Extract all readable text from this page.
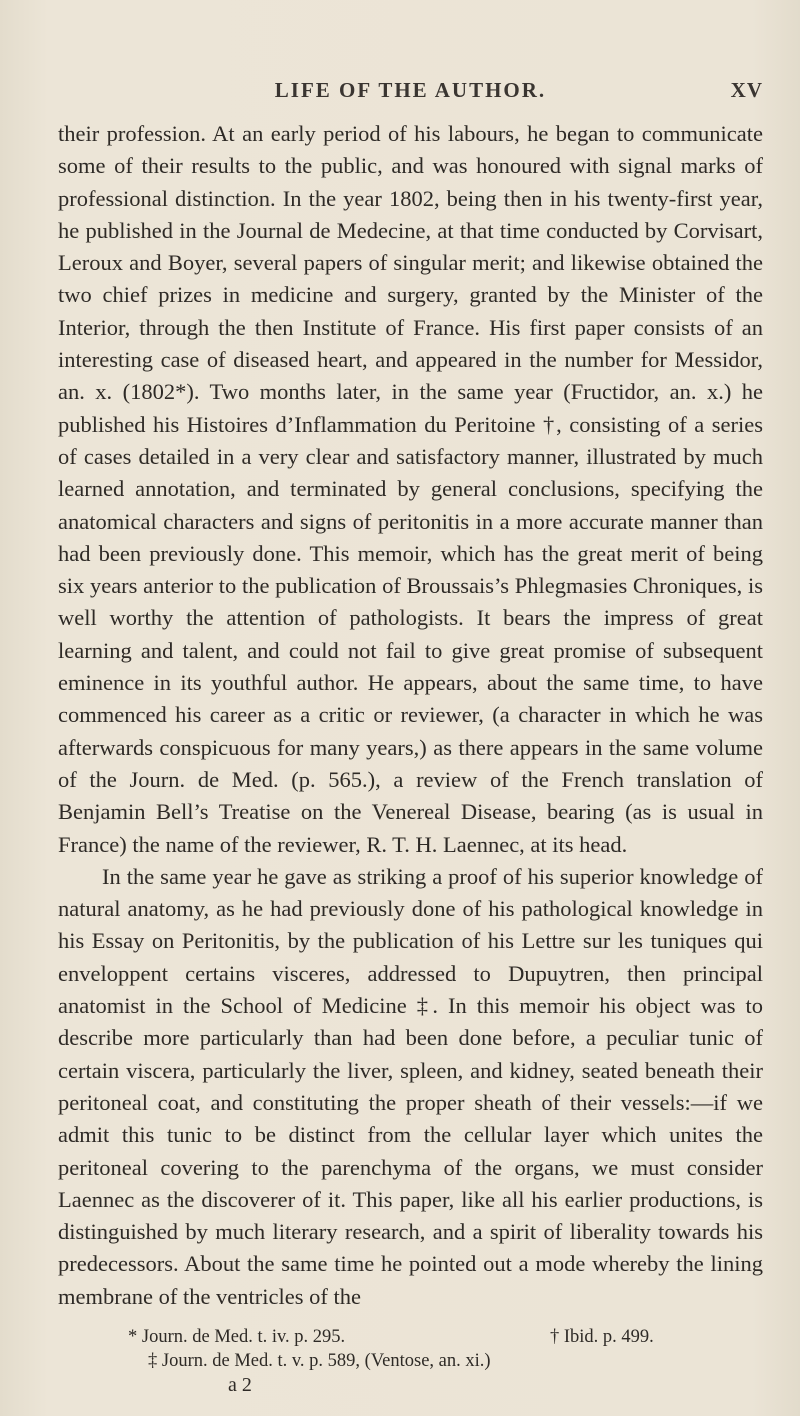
LIFE OF THE AUTHOR.	XV

their profession. At an early period of his labours, he began to communicate some of their results to the public, and was honoured with signal marks of professional distinction. In the year 1802, being then in his twenty-first year, he published in the Journal de Medecine, at that time conducted by Corvisart, Leroux and Boyer, several papers of singular merit; and likewise obtained the two chief prizes in medicine and surgery, granted by the Minister of the Interior, through the then Institute of France. His first paper consists of an interesting case of diseased heart, and appeared in the number for Messidor, an. x. (1802*). Two months later, in the same year (Fructidor, an. x.) he published his Histoires d’Inflammation du Peritoine †, consisting of a series of cases detailed in a very clear and satisfactory manner, illustrated by much learned annotation, and terminated by general conclusions, specifying the anatomical characters and signs of peritonitis in a more accurate manner than had been previously done. This memoir, which has the great merit of being six years anterior to the publication of Broussais’s Phlegmasies Chroniques, is well worthy the attention of pathologists. It bears the impress of great learning and talent, and could not fail to give great promise of subsequent eminence in its youthful author. He appears, about the same time, to have commenced his career as a critic or reviewer, (a character in which he was afterwards conspicuous for many years,) as there appears in the same volume of the Journ. de Med. (p. 565.), a review of the French translation of Benjamin Bell’s Treatise on the Venereal Disease, bearing (as is usual in France) the name of the reviewer, R. T. H. Laennec, at its head.

In the same year he gave as striking a proof of his superior knowledge of natural anatomy, as he had previously done of his pathological knowledge in his Essay on Peritonitis, by the publication of his Lettre sur les tuniques qui enveloppent certains visceres, addressed to Dupuytren, then principal anatomist in the School of Medicine ‡. In this memoir his object was to describe more particularly than had been done before, a peculiar tunic of certain viscera, particularly the liver, spleen, and kidney, seated beneath their peritoneal coat, and constituting the proper sheath of their vessels:—if we admit this tunic to be distinct from the cellular layer which unites the peritoneal covering to the parenchyma of the organs, we must consider Laennec as the discoverer of it. This paper, like all his earlier productions, is distinguished by much literary research, and a spirit of liberality towards his predecessors. About the same time he pointed out a mode whereby the lining membrane of the ventricles of the

* Journ. de Med. t. iv. p. 295.	† Ibid. p. 499.
‡ Journ. de Med. t. v. p. 589, (Ventose, an. xi.)
a 2
